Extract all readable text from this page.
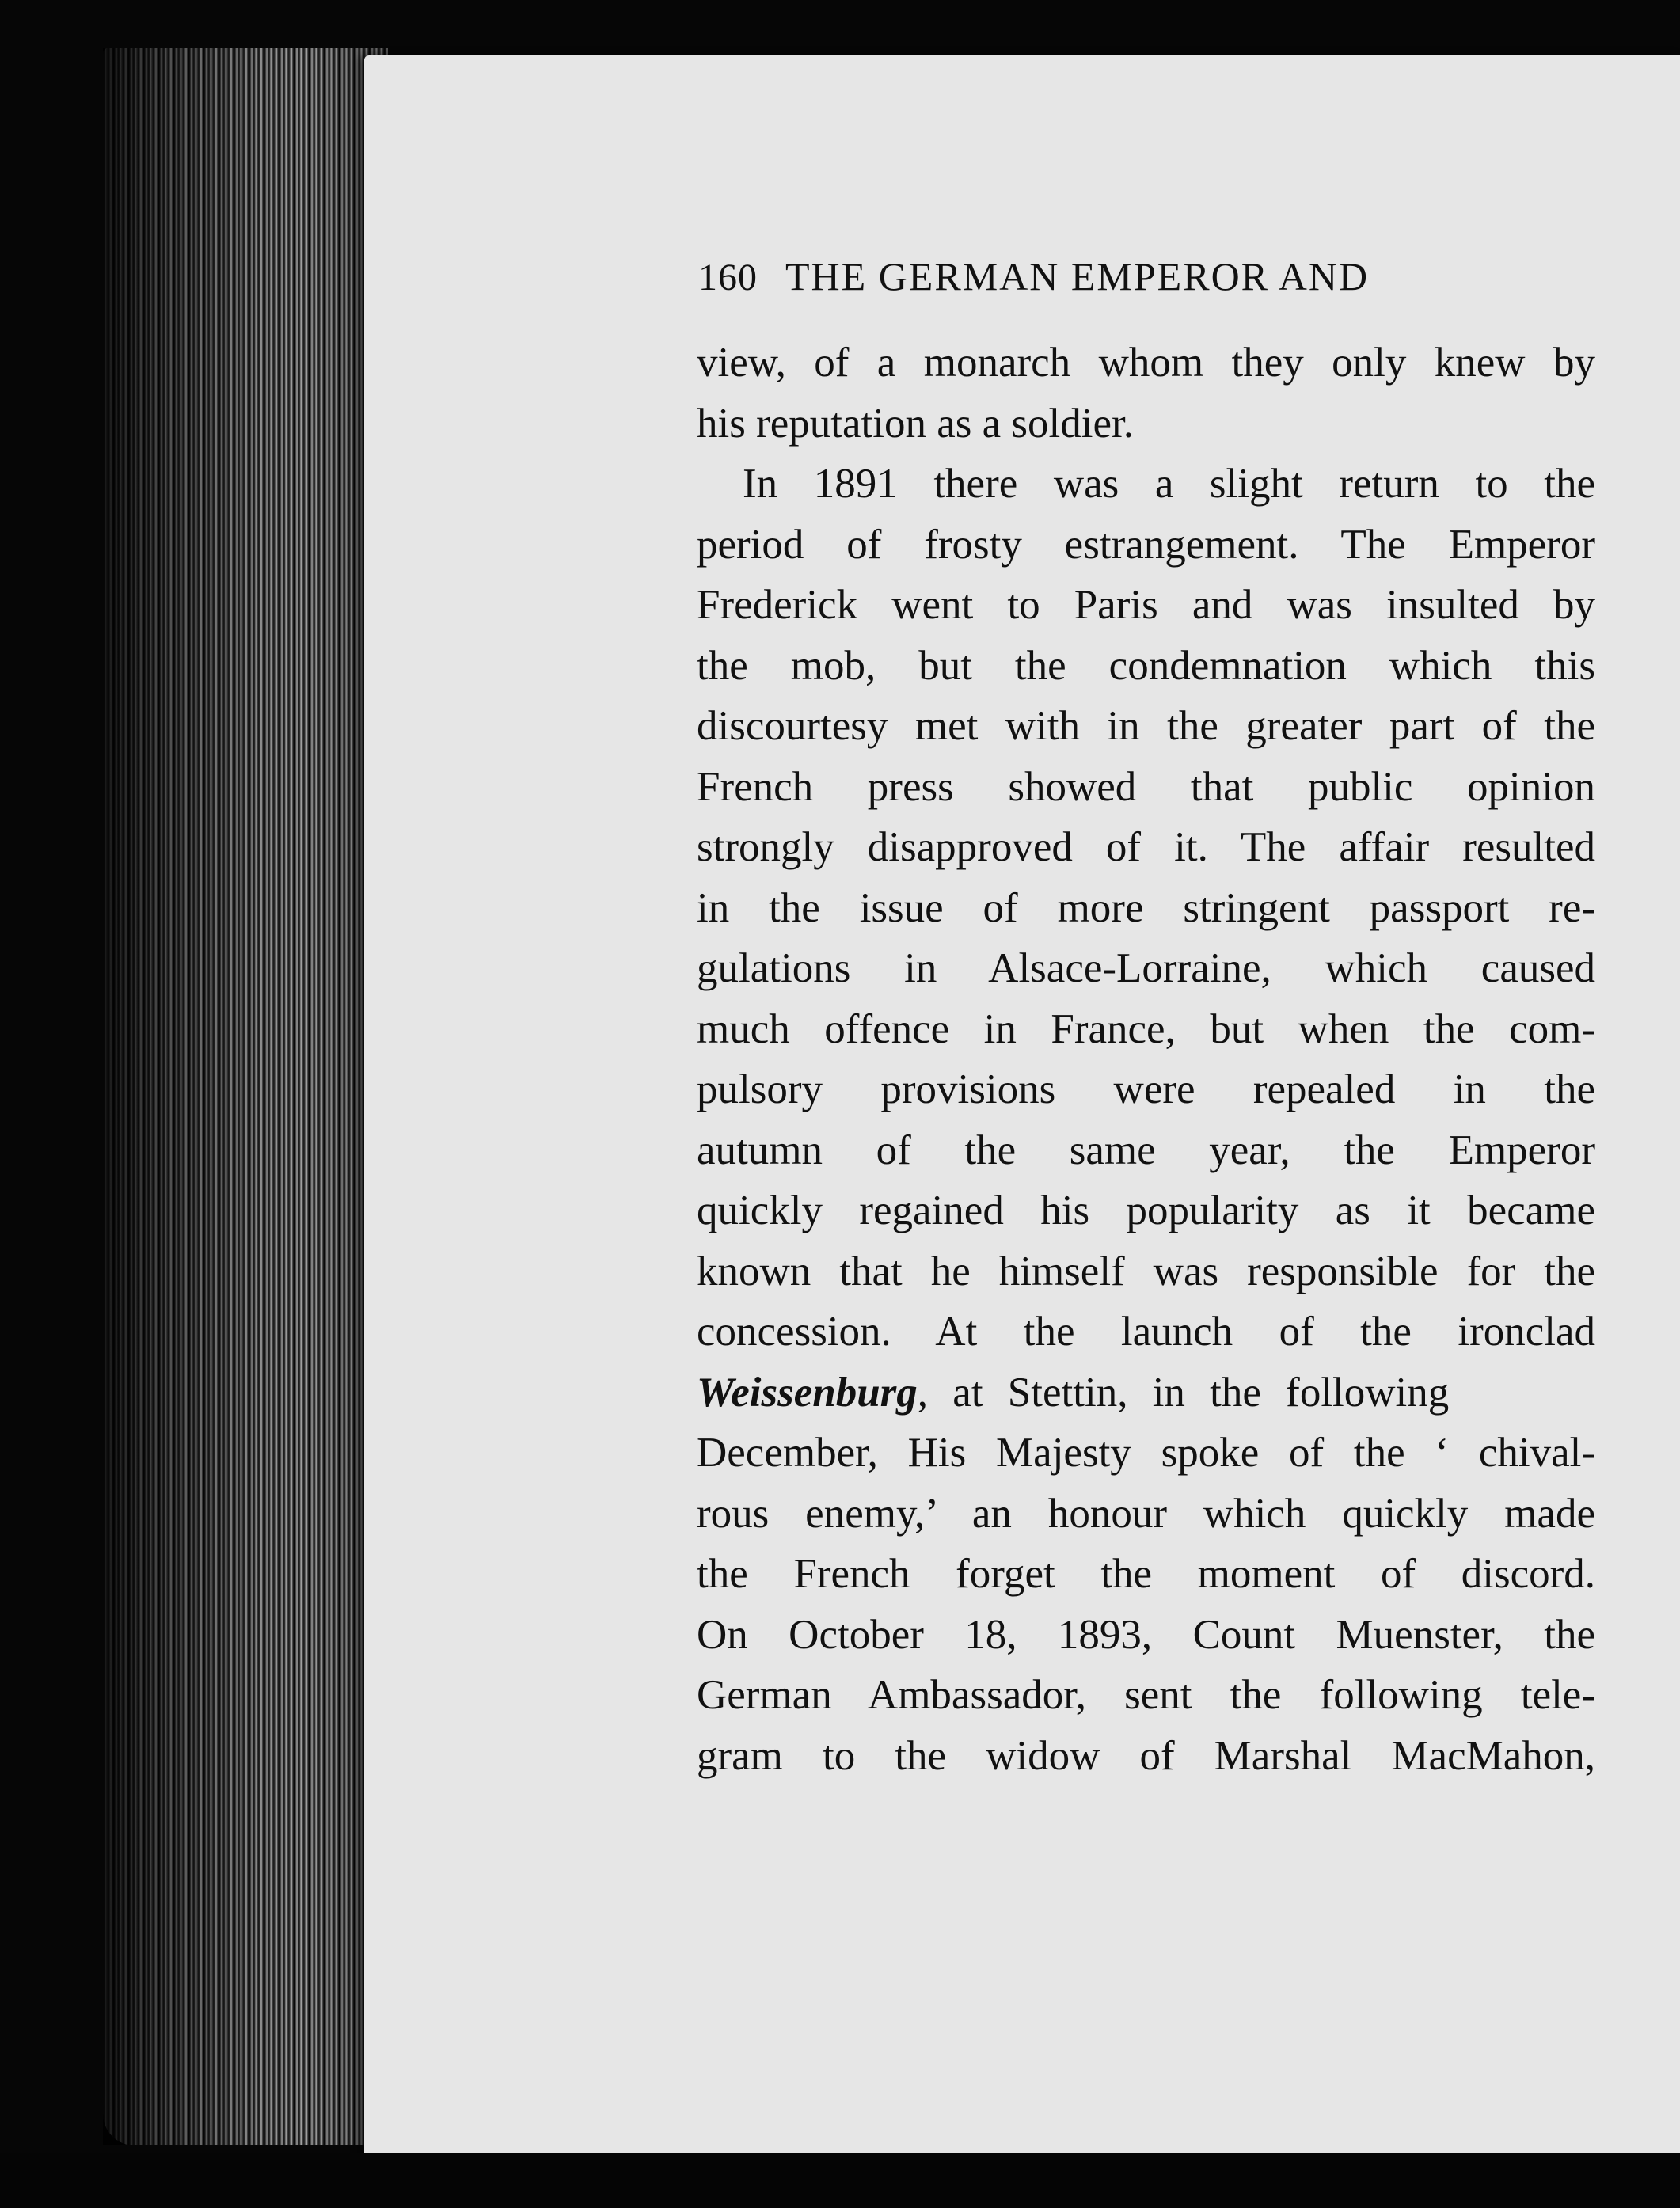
160 THE GERMAN EMPEROR AND
view, of a monarch whom they only knew by
his reputation as a soldier.
In 1891 there was a slight return to the
period of frosty estrangement. The Emperor
Frederick went to Paris and was insulted by
the mob, but the condemnation which this
discourtesy met with in the greater part of the
French press showed that public opinion
strongly disapproved of it. The affair resulted
in the issue of more stringent passport re-
gulations in Alsace-Lorraine, which caused
much offence in France, but when the com-
pulsory provisions were repealed in the
autumn of the same year, the Emperor
quickly regained his popularity as it became
known that he himself was responsible for the
concession. At the launch of the ironclad
Weissenburg, at Stettin, in the following
December, His Majesty spoke of the ‘ chival-
rous enemy,’ an honour which quickly made
the French forget the moment of discord.
On October 18, 1893, Count Muenster, the
German Ambassador, sent the following tele-
gram to the widow of Marshal MacMahon,
